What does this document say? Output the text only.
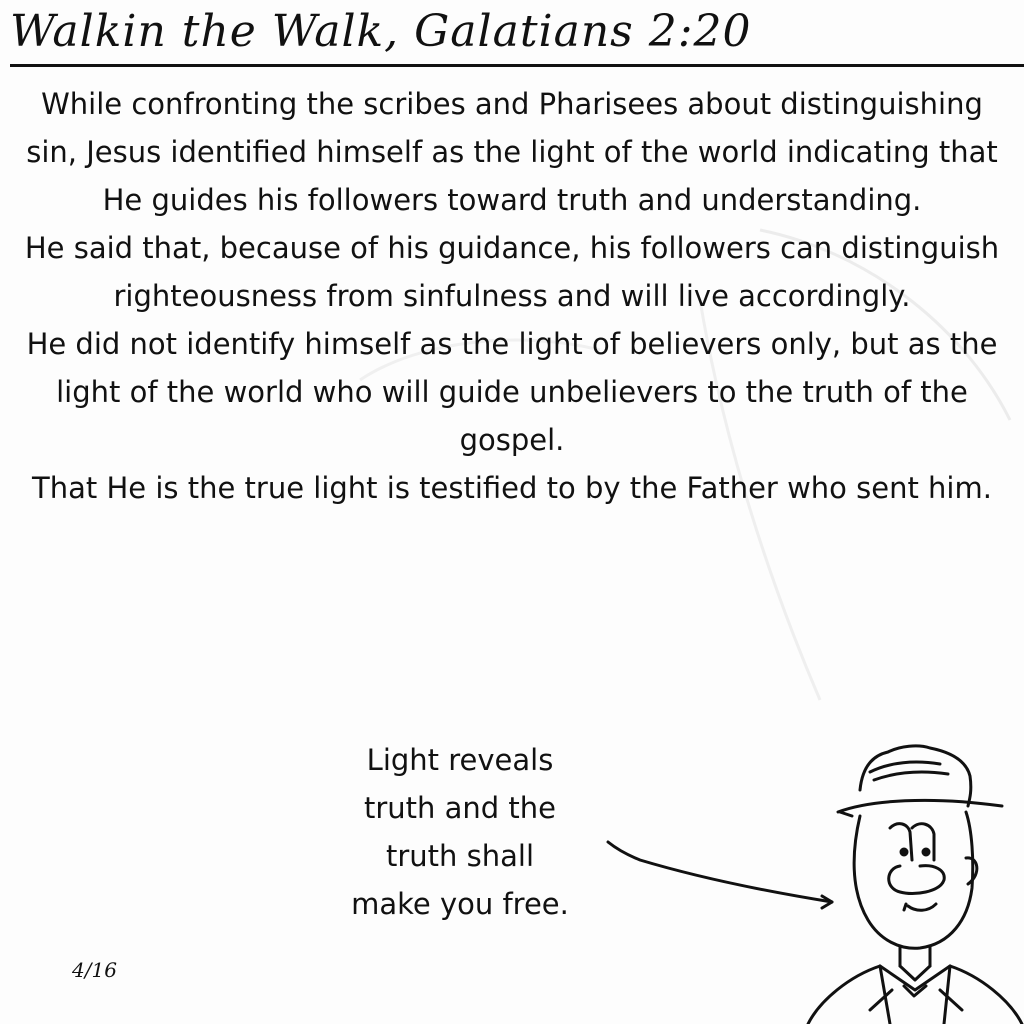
Walkin the Walk, Galatians 2:20

While confronting the scribes and Pharisees about distinguishing sin, Jesus identified himself as the light of the world indicating that He guides his followers toward truth and understanding.

He said that, because of his guidance, his followers can distinguish righteousness from sinfulness and will live accordingly.

He did not identify himself as the light of believers only, but as the light of the world who will guide unbelievers to the truth of the gospel.

That He is the true light is testified to by the Father who sent him.

Light reveals

truth and the

truth shall

make you free.

4/16
